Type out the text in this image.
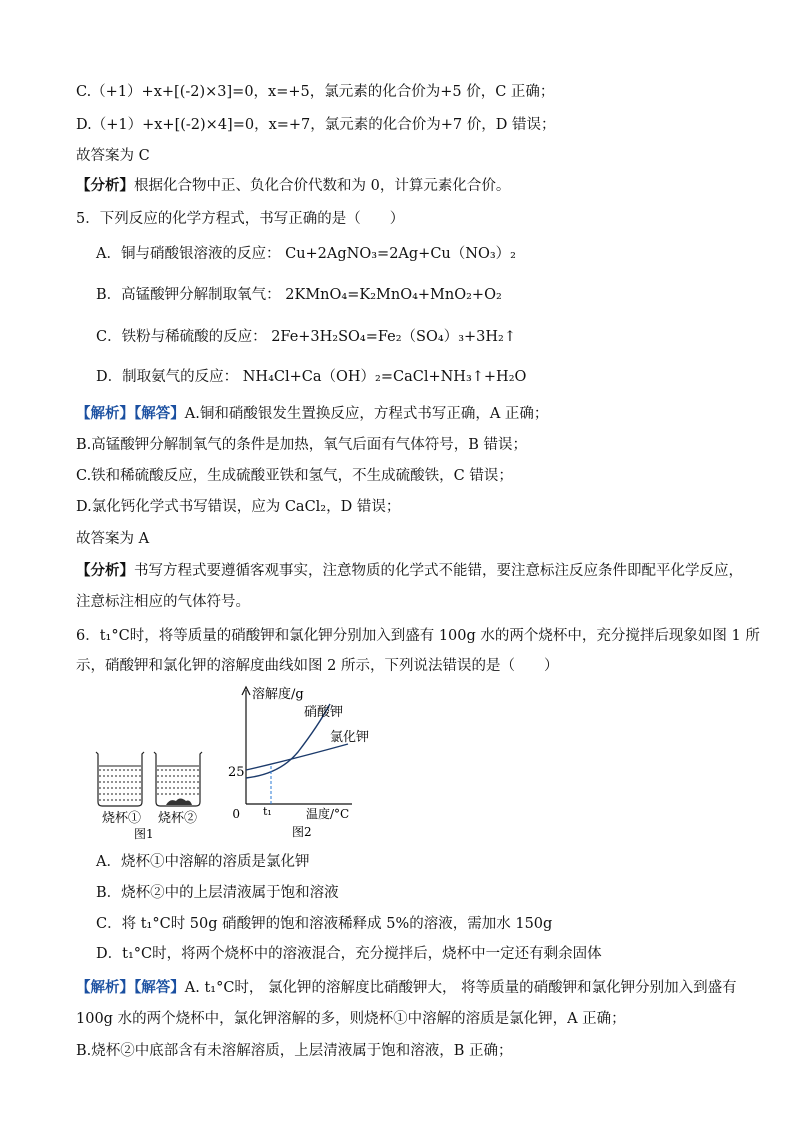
C.（+1）+x+[(-2)×3]=0，x=+5，氯元素的化合价为+5 价，C 正确；
D.（+1）+x+[(-2)×4]=0，x=+7，氯元素的化合价为+7 价，D 错误；
故答案为 C
【分析】根据化合物中正、负化合价代数和为 0，计算元素化合价。
5．下列反应的化学方程式，书写正确的是（　　）
A．铜与硝酸银溶液的反应： Cu+2AgNO₃=2Ag+Cu（NO₃）₂
B．高锰酸钾分解制取氧气： 2KMnO₄=K₂MnO₄+MnO₂+O₂
C．铁粉与稀硫酸的反应： 2Fe+3H₂SO₄=Fe₂（SO₄）₃+3H₂↑
D．制取氨气的反应： NH₄Cl+Ca（OH）₂=CaCl+NH₃↑+H₂O
【解析】【解答】A.铜和硝酸银发生置换反应，方程式书写正确，A 正确；
B.高锰酸钾分解制氧气的条件是加热，氧气后面有气体符号，B 错误；
C.铁和稀硫酸反应，生成硫酸亚铁和氢气，不生成硫酸铁，C 错误；
D.氯化钙化学式书写错误，应为 CaCl₂，D 错误；
故答案为 A
【分析】书写方程式要遵循客观事实，注意物质的化学式不能错，要注意标注反应条件即配平化学反应，
注意标注相应的气体符号。
6．t₁°C时，将等质量的硝酸钾和氯化钾分别加入到盛有 100g 水的两个烧杯中，充分搅拌后现象如图 1 所
示，硝酸钾和氯化钾的溶解度曲线如图 2 所示，下列说法错误的是（　　）
烧杯① 烧杯②
图1
溶解度/g
温度/°C
0
25
t₁
硝酸钾
氯化钾
图2
A．烧杯①中溶解的溶质是氯化钾
B．烧杯②中的上层清液属于饱和溶液
C．将 t₁°C时 50g 硝酸钾的饱和溶液稀释成 5%的溶液，需加水 150g
D．t₁°C时，将两个烧杯中的溶液混合，充分搅拌后，烧杯中一定还有剩余固体
【解析】【解答】A. t₁°C时， 氯化钾的溶解度比硝酸钾大， 将等质量的硝酸钾和氯化钾分别加入到盛有
100g 水的两个烧杯中，氯化钾溶解的多，则烧杯①中溶解的溶质是氯化钾，A 正确；
B.烧杯②中底部含有未溶解溶质，上层清液属于饱和溶液，B 正确；
